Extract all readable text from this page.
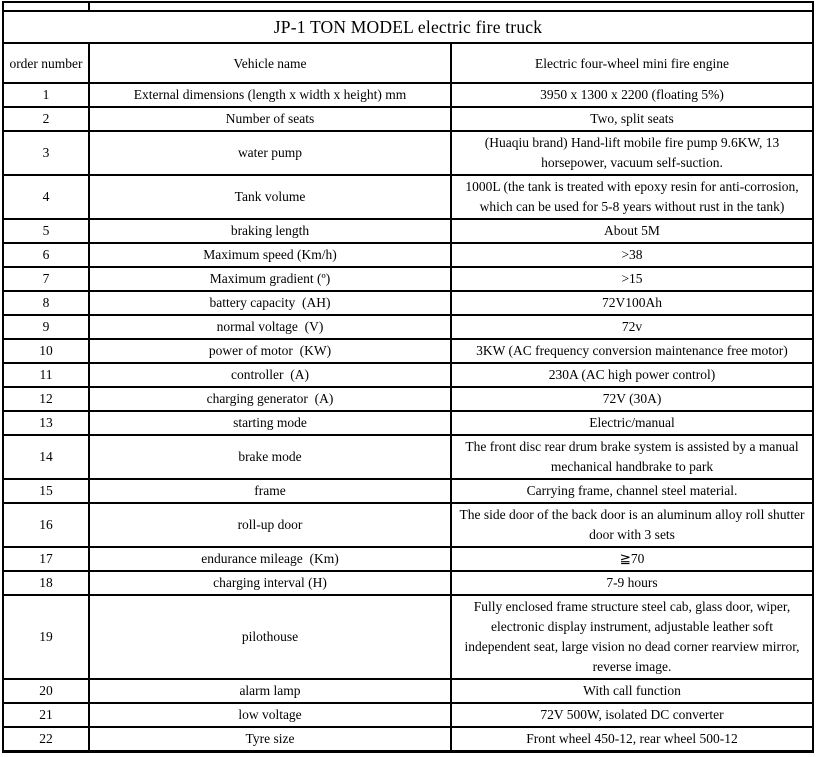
JP-1 TON MODEL electric fire truck		
order number	Vehicle name	Electric four-wheel mini fire engine
1	External dimensions (length x width x height) mm	3950 x 1300 x 2200 (floating 5%)
2	Number of seats	Two, split seats
3	water pump	(Huaqiu brand) Hand-lift mobile fire pump 9.6KW, 13 horsepower, vacuum self-suction.
4	Tank volume	1000L (the tank is treated with epoxy resin for anti-corrosion, which can be used for 5-8 years without rust in the tank)
5	braking length	About 5M
6	Maximum speed (Km/h)	>38
7	Maximum gradient (º)	>15
8	battery capacity  (AH)	72V100Ah
9	normal voltage  (V)	72v
10	power of motor  (KW)	3KW (AC frequency conversion maintenance free motor)
11	controller  (A)	230A (AC high power control)
12	charging generator  (A)	72V (30A)
13	starting mode	Electric/manual
14	brake mode	The front disc rear drum brake system is assisted by a manual mechanical handbrake to park
15	frame	Carrying frame, channel steel material.
16	roll-up door	The side door of the back door is an aluminum alloy roll shutter door with 3 sets
17	endurance mileage  (Km)	≧70
18	charging interval (H)	7-9 hours
19	pilothouse	Fully enclosed frame structure steel cab, glass door, wiper, electronic display instrument, adjustable leather soft independent seat, large vision no dead corner rearview mirror, reverse image.
20	alarm lamp	With call function
21	low voltage	72V 500W, isolated DC converter
22	Tyre size	Front wheel 450-12, rear wheel 500-12
